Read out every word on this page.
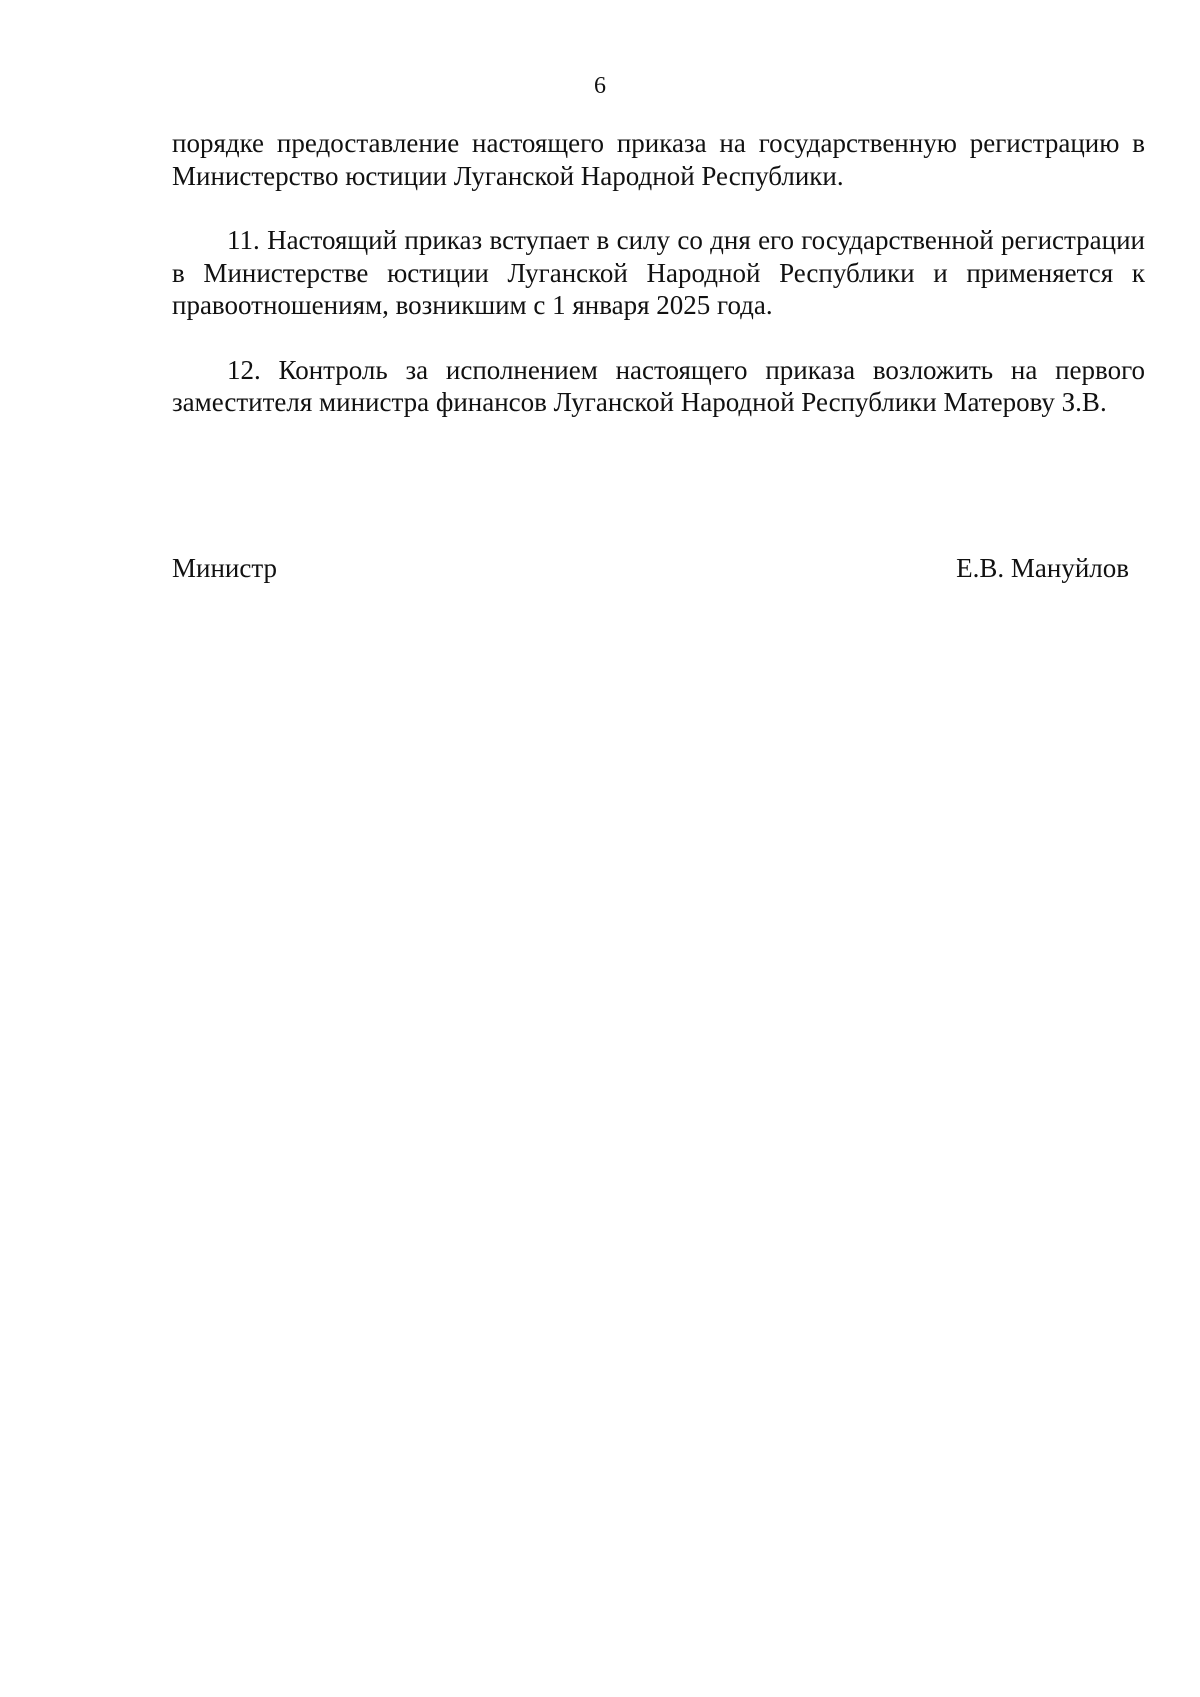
6

порядке предоставление настоящего приказа на государственную регистрацию в Министерство юстиции Луганской Народной Республики.

11. Настоящий приказ вступает в силу со дня его государственной регистрации в Министерстве юстиции Луганской Народной Республики и применяется к правоотношениям, возникшим с 1 января 2025 года.

12. Контроль за исполнением настоящего приказа возложить на первого заместителя министра финансов Луганской Народной Республики Матерову З.В.

Министр	Е.В. Мануйлов
